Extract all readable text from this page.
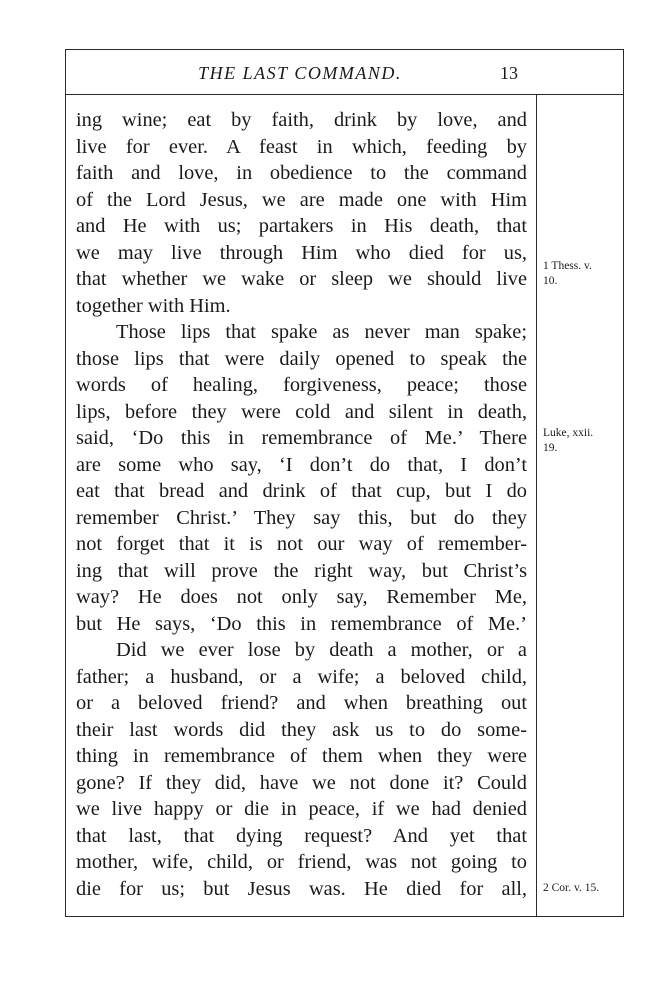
THE LAST COMMAND.	13
ing wine; eat by faith, drink by love, and
live for ever. A feast in which, feeding by
faith and love, in obedience to the command
of the Lord Jesus, we are made one with Him
and He with us; partakers in His death, that
we may live through Him who died for us,
that whether we wake or sleep we should live
together with Him.
Those lips that spake as never man spake;
those lips that were daily opened to speak the
words of healing, forgiveness, peace; those
lips, before they were cold and silent in death,
said, ‘Do this in remembrance of Me.’ There
are some who say, ‘I don’t do that, I don’t
eat that bread and drink of that cup, but I do
remember Christ.’ They say this, but do they
not forget that it is not our way of remember-
ing that will prove the right way, but Christ’s
way? He does not only say, Remember Me,
but He says, ‘Do this in remembrance of Me.’
Did we ever lose by death a mother, or a
father; a husband, or a wife; a beloved child,
or a beloved friend? and when breathing out
their last words did they ask us to do some-
thing in remembrance of them when they were
gone? If they did, have we not done it? Could
we live happy or die in peace, if we had denied
that last, that dying request? And yet that
mother, wife, child, or friend, was not going to
die for us; but Jesus was. He died for all,
1 Thess. v.
10.
Luke, xxii.
19.
2 Cor. v. 15.
